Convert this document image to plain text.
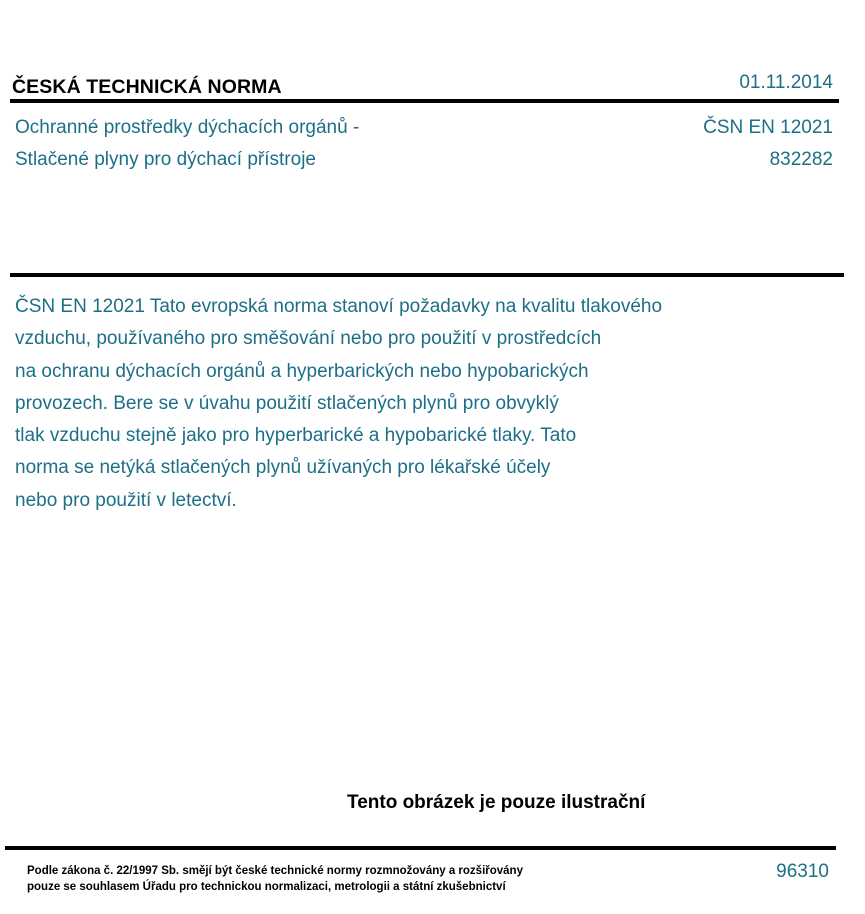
ČESKÁ TECHNICKÁ NORMA	01.11.2014
Ochranné prostředky dýchacích orgánů -
Stlačené plyny pro dýchací přístroje
ČSN EN 12021
832282
ČSN EN 12021 Tato evropská norma stanoví požadavky na kvalitu tlakového
vzduchu, používaného pro směšování nebo pro použití v prostředcích
na ochranu dýchacích orgánů a hyperbarických nebo hypobarických
provozech. Bere se v úvahu použití stlačených plynů pro obvyklý
tlak vzduchu stejně jako pro hyperbarické a hypobarické tlaky. Tato
norma se netýká stlačených plynů užívaných pro lékařské účely
nebo pro použití v letectví.
Tento obrázek je pouze ilustrační
Podle zákona č. 22/1997 Sb. smějí být české technické normy rozmnožovány a rozšiřovány
pouze se souhlasem Úřadu pro technickou normalizaci, metrologii a státní zkušebnictví
96310
